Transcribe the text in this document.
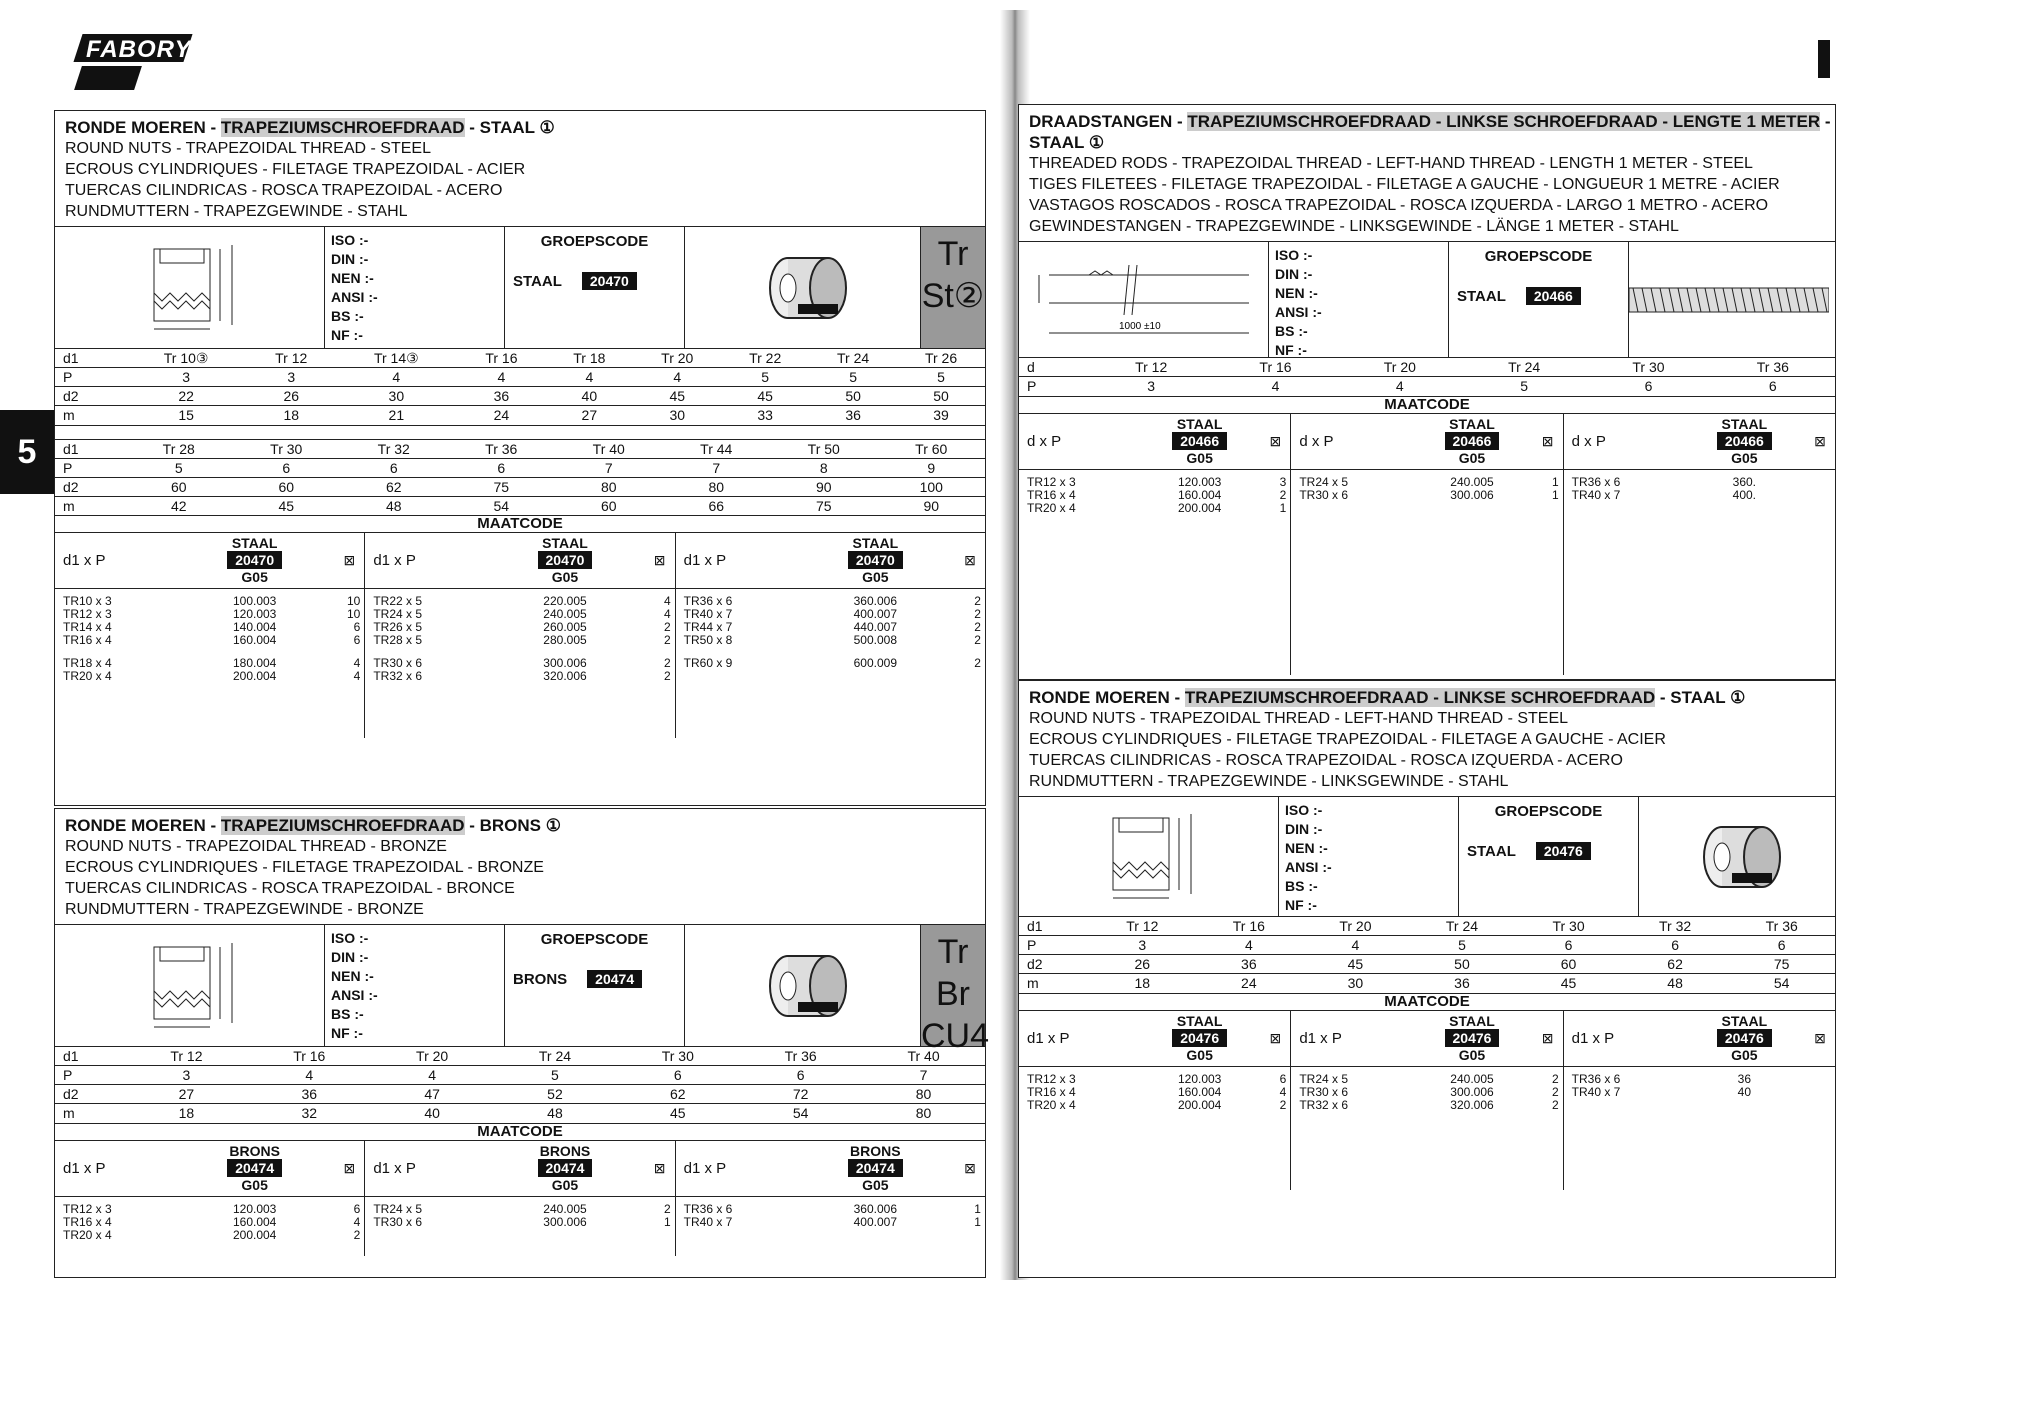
FABORY
5
RONDE MOEREN - TRAPEZIUMSCHROEFDRAAD - STAAL ①
ROUND NUTS - TRAPEZOIDAL THREAD - STEEL
ECROUS CYLINDRIQUES - FILETAGE TRAPEZOIDAL - ACIER
TUERCAS CILINDRICAS - ROSCA TRAPEZOIDAL - ACERO
RUNDMUTTERN - TRAPEZGEWINDE - STAHL
ISO :-
DIN :-
NEN :-
ANSI :-
BS :-
NF :-
GROEPSCODE
STAAL	20470
Tr
St②
d1	Tr 10③	Tr 12	Tr 14③	Tr 16	Tr 18	Tr 20	Tr 22	Tr 24	Tr 26
P	3	3	4	4	4	4	5	5	5
d2	22	26	30	36	40	45	45	50	50
m	15	18	21	24	27	30	33	36	39
d1	Tr 28	Tr 30	Tr 32	Tr 36	Tr 40	Tr 44	Tr 50	Tr 60	
P	5	6	6	6	7	7	8	9	
d2	60	60	62	75	80	80	90	100	
m	42	45	48	54	60	66	75	90	
MAATCODE
d1 x P
STAAL
20470
G05
⊠
TR10 x 3	100.003	10
TR12 x 3	120.003	10
TR14 x 4	140.004	6
TR16 x 4	160.004	6
TR18 x 4	180.004	4
TR20 x 4	200.004	4
d1 x P
STAAL
20470
G05
⊠
TR22 x 5	220.005	4
TR24 x 5	240.005	4
TR26 x 5	260.005	2
TR28 x 5	280.005	2
TR30 x 6	300.006	2
TR32 x 6	320.006	2
d1 x P
STAAL
20470
G05
⊠
TR36 x 6	360.006	2
TR40 x 7	400.007	2
TR44 x 7	440.007	2
TR50 x 8	500.008	2
TR60 x 9	600.009	2
RONDE MOEREN - TRAPEZIUMSCHROEFDRAAD - BRONS ①
ROUND NUTS - TRAPEZOIDAL THREAD - BRONZE
ECROUS CYLINDRIQUES - FILETAGE TRAPEZOIDAL - BRONZE
TUERCAS CILINDRICAS - ROSCA TRAPEZOIDAL - BRONCE
RUNDMUTTERN - TRAPEZGEWINDE - BRONZE
ISO :-
DIN :-
NEN :-
ANSI :-
BS :-
NF :-
GROEPSCODE
BRONS	20474
Tr
Br
CU4
d1	Tr 12	Tr 16	Tr 20	Tr 24	Tr 30	Tr 36	Tr 40
P	3	4	4	5	6	6	7
d2	27	36	47	52	62	72	80
m	18	32	40	48	45	54	80
MAATCODE
d1 x P
BRONS
20474
G05
⊠
TR12 x 3	120.003	6
TR16 x 4	160.004	4
TR20 x 4	200.004	2
d1 x P
BRONS
20474
G05
⊠
TR24 x 5	240.005	2
TR30 x 6	300.006	1
d1 x P
BRONS
20474
G05
⊠
TR36 x 6	360.006	1
TR40 x 7	400.007	1
DRAADSTANGEN - TRAPEZIUMSCHROEFDRAAD - LINKSE SCHROEFDRAAD - LENGTE 1 METER - STAAL ①
THREADED RODS - TRAPEZOIDAL THREAD - LEFT-HAND THREAD - LENGTH 1 METER - STEEL
TIGES FILETEES - FILETAGE TRAPEZOIDAL - FILETAGE A GAUCHE - LONGUEUR 1 METRE - ACIER
VASTAGOS ROSCADOS - ROSCA TRAPEZOIDAL - ROSCA IZQUERDA - LARGO 1 METRO - ACERO
GEWINDESTANGEN - TRAPEZGEWINDE - LINKSGEWINDE - LÄNGE 1 METER - STAHL
1000 ±10
ISO :-
DIN :-
NEN :-
ANSI :-
BS :-
NF :-
GROEPSCODE
STAAL	20466
d	Tr 12	Tr 16	Tr 20	Tr 24	Tr 30	Tr 36
P	3	4	4	5	6	6
MAATCODE
d x P
STAAL
20466
G05
⊠
TR12 x 3	120.003	3
TR16 x 4	160.004	2
TR20 x 4	200.004	1
d x P
STAAL
20466
G05
⊠
TR24 x 5	240.005	1
TR30 x 6	300.006	1
d x P
STAAL
20466
G05
⊠
TR36 x 6	360.
TR40 x 7	400.
RONDE MOEREN - TRAPEZIUMSCHROEFDRAAD - LINKSE SCHROEFDRAAD - STAAL ①
ROUND NUTS - TRAPEZOIDAL THREAD - LEFT-HAND THREAD - STEEL
ECROUS CYLINDRIQUES - FILETAGE TRAPEZOIDAL - FILETAGE A GAUCHE - ACIER
TUERCAS CILINDRICAS - ROSCA TRAPEZOIDAL - ROSCA IZQUERDA - ACERO
RUNDMUTTERN - TRAPEZGEWINDE - LINKSGEWINDE - STAHL
ISO :-
DIN :-
NEN :-
ANSI :-
BS :-
NF :-
GROEPSCODE
STAAL	20476
d1	Tr 12	Tr 16	Tr 20	Tr 24	Tr 30	Tr 32	Tr 36
P	3	4	4	5	6	6	6
d2	26	36	45	50	60	62	75
m	18	24	30	36	45	48	54
MAATCODE
d1 x P
STAAL
20476
G05
⊠
TR12 x 3	120.003	6
TR16 x 4	160.004	4
TR20 x 4	200.004	2
d1 x P
STAAL
20476
G05
⊠
TR24 x 5	240.005	2
TR30 x 6	300.006	2
TR32 x 6	320.006	2
d1 x P
STAAL
20476
G05
⊠
TR36 x 6	36
TR40 x 7	40
